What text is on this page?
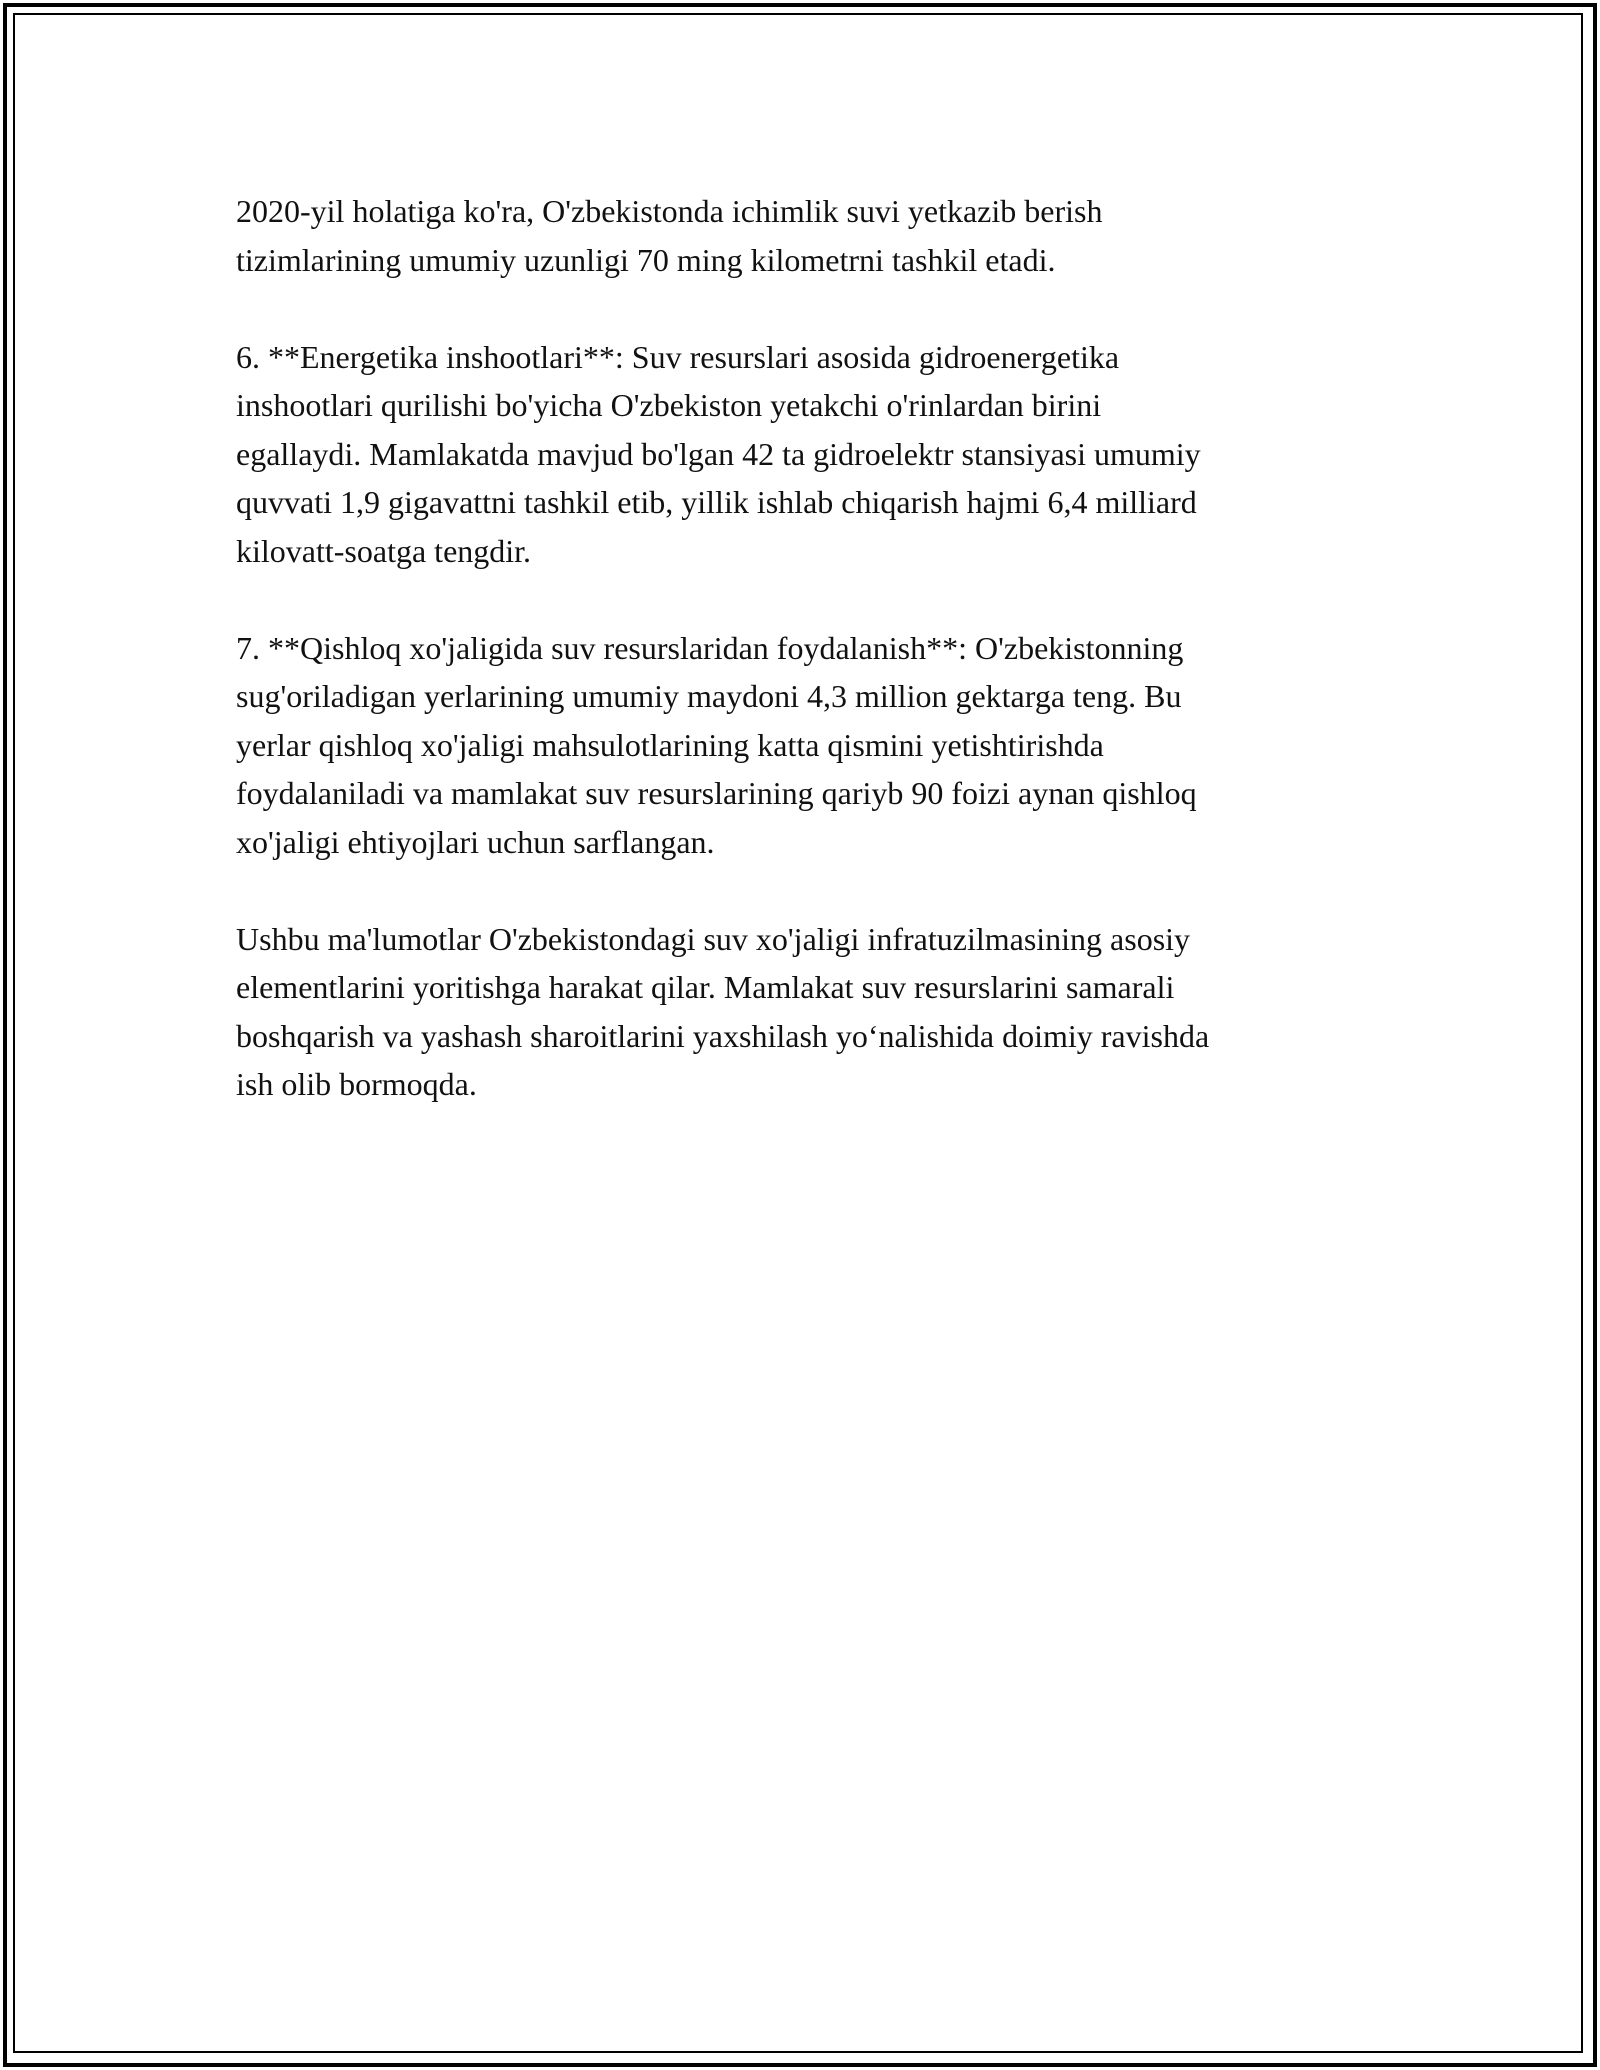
2020-yil holatiga ko'ra, O'zbekistonda ichimlik suvi yetkazib berish
tizimlarining umumiy uzunligi 70 ming kilometrni tashkil etadi.

6. **Energetika inshootlari**: Suv resurslari asosida gidroenergetika
inshootlari qurilishi bo'yicha O'zbekiston yetakchi o'rinlardan birini
egallaydi. Mamlakatda mavjud bo'lgan 42 ta gidroelektr stansiyasi umumiy
quvvati 1,9 gigavattni tashkil etib, yillik ishlab chiqarish hajmi 6,4 milliard
kilovatt-soatga tengdir.

7. **Qishloq xo'jaligida suv resurslaridan foydalanish**: O'zbekistonning
sug'oriladigan yerlarining umumiy maydoni 4,3 million gektarga teng. Bu
yerlar qishloq xo'jaligi mahsulotlarining katta qismini yetishtirishda
foydalaniladi va mamlakat suv resurslarining qariyb 90 foizi aynan qishloq
xo'jaligi ehtiyojlari uchun sarflangan.

Ushbu ma'lumotlar O'zbekistondagi suv xo'jaligi infratuzilmasining asosiy
elementlarini yoritishga harakat qilar. Mamlakat suv resurslarini samarali
boshqarish va yashash sharoitlarini yaxshilash yo‘nalishida doimiy ravishda
ish olib bormoqda.
